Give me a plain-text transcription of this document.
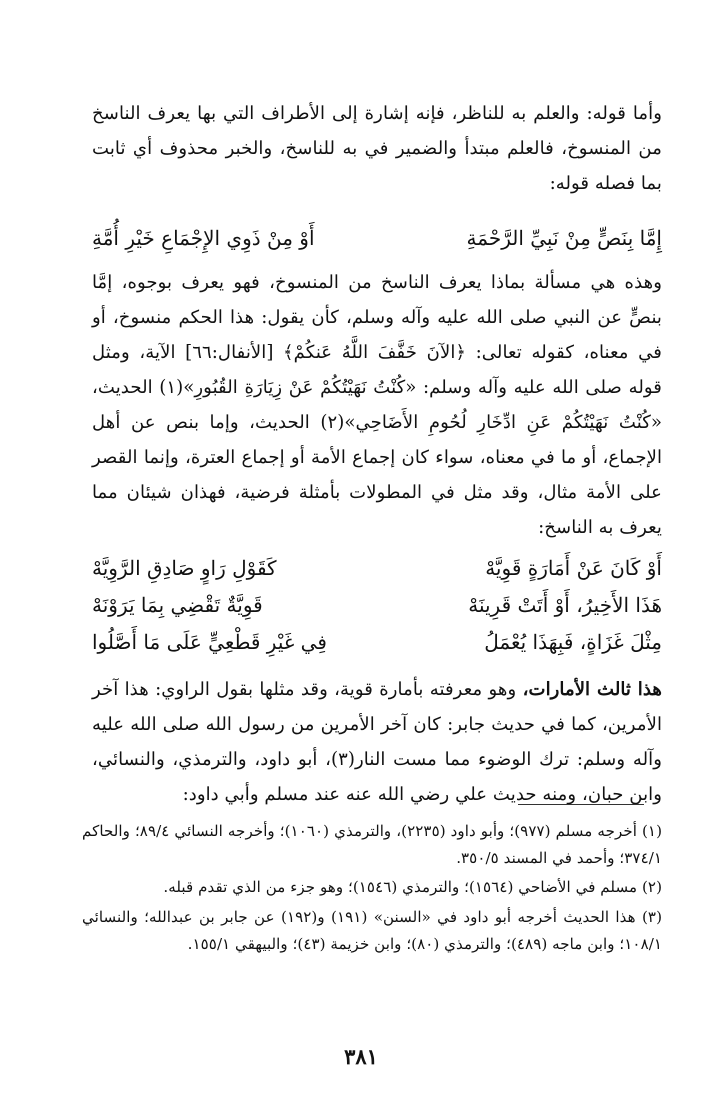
وأما قوله: والعلم به للناظر، فإنه إشارة إلى الأطراف التي بها يعرف الناسخ من المنسوخ، فالعلم مبتدأ والضمير في به للناسخ، والخبر محذوف أي ثابت بما فصله قوله:
إِمَّا بِنَصٍّ مِنْ نَبِيِّ الرَّحْمَةِ
أَوْ مِنْ ذَوِي الإِجْمَاعِ خَيْرِ أُمَّةِ
وهذه هي مسألة بماذا يعرف الناسخ من المنسوخ، فهو يعرف بوجوه، إمَّا بنصٍّ عن النبي صلى الله عليه وآله وسلم، كأن يقول: هذا الحكم منسوخ، أو في معناه، كقوله تعالى: ﴿الآنَ خَفَّفَ اللَّهُ عَنكُمْ﴾ [الأنفال:٦٦] الآية، ومثل قوله صلى الله عليه وآله وسلم: «كُنْتُ نَهَيْتُكُمْ عَنْ زِيَارَةِ القُبُورِ»(١) الحديث، «كُنْتُ نَهَيْتُكُمْ عَنِ ادِّخَارِ لُحُومِ الأَضَاحِي»(٢) الحديث، وإما بنص عن أهل الإجماع، أو ما في معناه، سواء كان إجماع الأمة أو إجماع العترة، وإنما القصر على الأمة مثال، وقد مثل في المطولات بأمثلة فرضية، فهذان شيئان مما يعرف به الناسخ:
أَوْ كَانَ عَنْ أَمَارَةٍ قَوِيَّهْ
كَقَوْلِ رَاوٍ صَادِقِ الرَّوِيَّهْ
هَذَا الأَخِيرُ، أَوْ أَتَتْ قَرِينَهْ
قَوِيَّةٌ تَقْضِي بِمَا يَرَوْنَهْ
مِثْلَ غَزَاةٍ، فَبِهَذَا يُعْمَلُ
فِي غَيْرِ قَطْعِيٍّ عَلَى مَا أَصَّلُوا
هذا ثالث الأمارات، وهو معرفته بأمارة قوية، وقد مثلها بقول الراوي: هذا آخر الأمرين، كما في حديث جابر: كان آخر الأمرين من رسول الله صلى الله عليه وآله وسلم: ترك الوضوء مما مست النار(٣)، أبو داود، والترمذي، والنسائي، وابن حبان، ومنه حديث علي رضي الله عنه عند مسلم وأبي داود:
(١) أخرجه مسلم (٩٧٧)؛ وأبو داود (٢٢٣٥)، والترمذي (١٠٦٠)؛ وأخرجه النسائي ٨٩/٤؛ والحاكم ٣٧٤/١؛ وأحمد في المسند ٣٥٠/٥.
(٢) مسلم في الأضاحي (١٥٦٤)؛ والترمذي (١٥٤٦)؛ وهو جزء من الذي تقدم قبله.
(٣) هذا الحديث أخرجه أبو داود في «السنن» (١٩١) و(١٩٢) عن جابر بن عبدالله؛ والنسائي ١٠٨/١؛ وابن ماجه (٤٨٩)؛ والترمذي (٨٠)؛ وابن خزيمة (٤٣)؛ والبيهقي ١٥٥/١.
٣٨١
